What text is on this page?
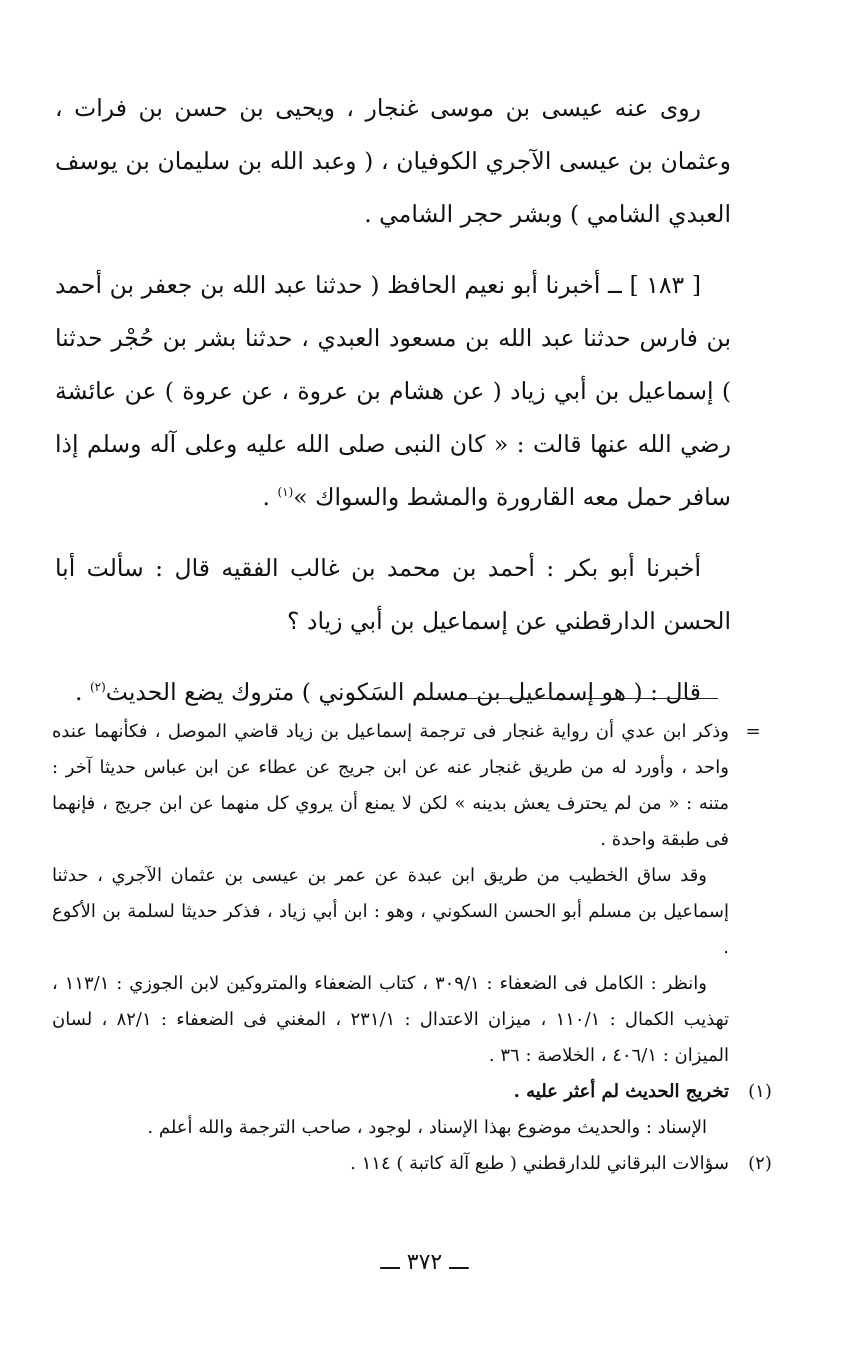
روى عنه عيسى بن موسى غنجار ، ويحيى بن حسن بن فرات ، وعثمان بن عيسى الآجري الكوفيان ، ( وعبد الله بن سليمان بن يوسف العبدي الشامي ) وبشر حجر الشامي .

[ ١٨٣ ] ــ أخبرنا أبو نعيم الحافظ ( حدثنا عبد الله بن جعفر بن أحمد بن فارس حدثنا عبد الله بن مسعود العبدي ، حدثنا بشر بن حُجْر حدثنا ) إسماعيل بن أبي زياد ( عن هشام بن عروة ، عن عروة ) عن عائشة رضي الله عنها قالت : « كان النبى صلى الله عليه وعلى آله وسلم إذا سافر حمل معه القارورة والمشط والسواك »$^{(١)}$ .

أخبرنا أبو بكر : أحمد بن محمد بن غالب الفقيه قال : سألت أبا الحسن الدارقطني عن إسماعيل بن أبي زياد ؟

قال : ( هو إسماعيل بن مسلم السَكوني ) متروك يضع الحديث$^{(٢)}$ .

=

وذكر ابن عدي أن رواية غنجار فى ترجمة إسماعيل بن زياد قاضي الموصل ، فكأنهما عنده واحد ، وأورد له من طريق غنجار عنه عن ابن جريج عن عطاء عن ابن عباس حديثا آخر : متنه : « من لم يحترف يعش بدينه » لكن لا يمنع أن يروي كل منهما عن ابن جريج ، فإنهما فى طبقة واحدة .

وقد ساق الخطيب من طريق ابن عبدة عن عمر بن عيسى بن عثمان الآجري ، حدثنا إسماعيل بن مسلم أبو الحسن السكوني ، وهو : ابن أبي زياد ، فذكر حديثا لسلمة بن الأكوع .

وانظر : الكامل فى الضعفاء : ٣٠٩/١ ، كتاب الضعفاء والمتروكين لابن الجوزي : ١١٣/١ ، تهذيب الكمال : ١١٠/١ ، ميزان الاعتدال : ٢٣١/١ ، المغني فى الضعفاء : ٨٢/١ ، لسان الميزان : ٤٠٦/١ ، الخلاصة : ٣٦ .

(١)

تخريج الحديث لم أعثر عليه .

الإسناد : والحديث موضوع بهذا الإسناد ، لوجود ، صاحب الترجمة والله أعلم .

(٢)

سؤالات البرقاني للدارقطني ( طبع آلة كاتبة ) ١١٤ .

ـــ ٣٧٢ ـــ
